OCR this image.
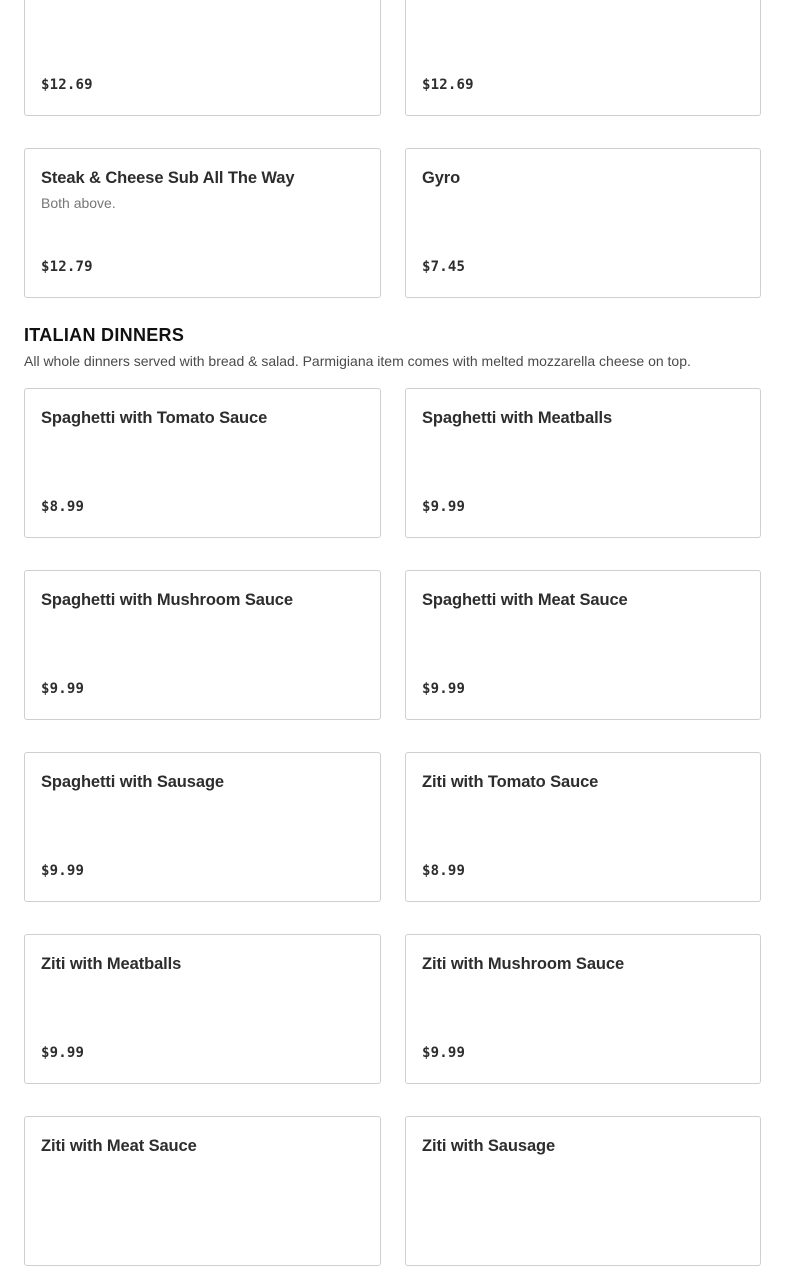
$12.69	$12.69
Steak & Cheese Sub All The Way
Both above.
$12.79
Gyro
$7.45
ITALIAN DINNERS
All whole dinners served with bread & salad. Parmigiana item comes with melted mozzarella cheese on top.
Spaghetti with Tomato Sauce
$8.99
Spaghetti with Meatballs
$9.99
Spaghetti with Mushroom Sauce
$9.99
Spaghetti with Meat Sauce
$9.99
Spaghetti with Sausage
$9.99
Ziti with Tomato Sauce
$8.99
Ziti with Meatballs
$9.99
Ziti with Mushroom Sauce
$9.99
Ziti with Meat Sauce	Ziti with Sausage
